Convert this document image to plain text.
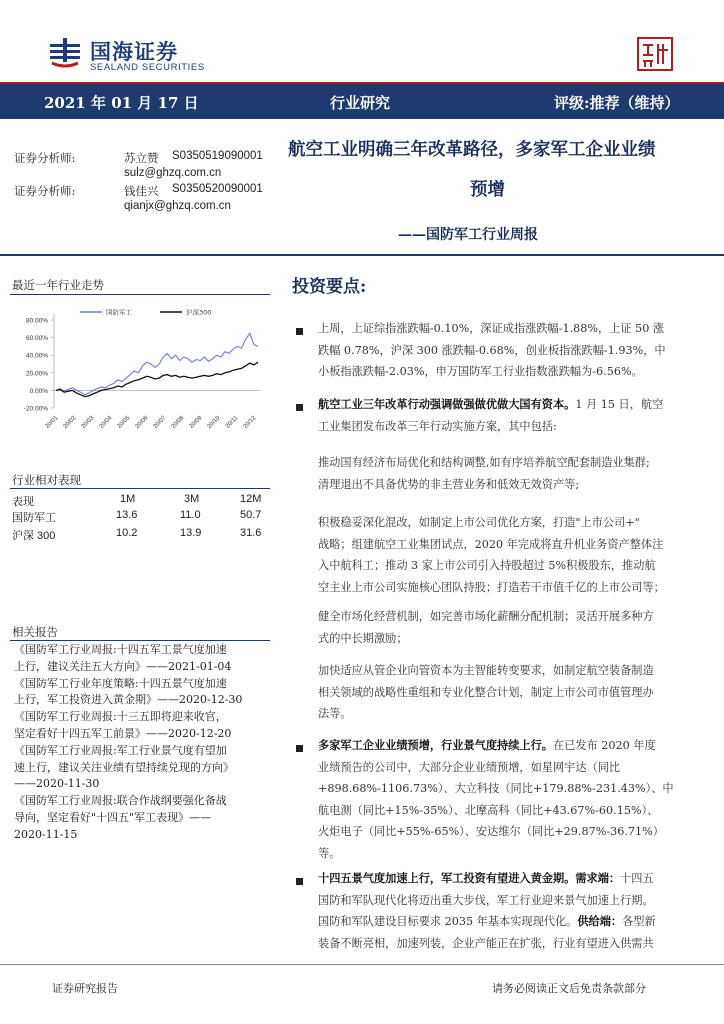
国海证券
SEALAND SECURITIES
2021 年 01 月 17 日	行业研究	评级:推荐（维持）
证券分析师:	苏立赞 S0350519090001
sulz@ghzq.com.cn
证券分析师:	钱佳兴 S0350520090001
qianjx@ghzq.com.cn
航空工业明确三年改革路径，多家军工企业业绩
预增
——国防军工行业周报
最近一年行业走势
80.00%
60.00%
40.00%
20.00%
0.00%
-20.00%
20/01 20/02 20/03 20/04 20/05 20/06 20/07 20/08 20/09 20/10 20/11 20/12
国防军工	沪深300
行业相对表现
表现	1M	3M	12M
国防军工	13.6	11.0	50.7
沪深 300	10.2	13.9	31.6
相关报告
《国防军工行业周报:十四五军工景气度加速
上行，建议关注五大方向》——2021-01-04
《国防军工行业年度策略:十四五景气度加速
上行，军工投资进入黄金期》——2020-12-30
《国防军工行业周报:十三五即将迎来收官，
坚定看好十四五军工前景》——2020-12-20
《国防军工行业周报:军工行业景气度有望加
速上行，建议关注业绩有望持续兑现的方向》
——2020-11-30
《国防军工行业周报:联合作战纲要强化备战
导向，坚定看好"十四五"军工表现》——
2020-11-15
投资要点:
上周，上证综指涨跌幅-0.10%，深证成指涨跌幅-1.88%，上证 50 涨
跌幅 0.78%，沪深 300 涨跌幅-0.68%，创业板指涨跌幅-1.93%，中
小板指涨跌幅-2.03%，申万国防军工行业指数涨跌幅为-6.56%。
航空工业三年改革行动强调做强做优做大国有资本。1 月 15 日，航空
工业集团发布改革三年行动实施方案，其中包括:
推动国有经济布局优化和结构调整,如有序培养航空配套制造业集群;
清理退出不具备优势的非主营业务和低效无效资产等;
积极稳妥深化混改，如制定上市公司优化方案，打造"上市公司+"
战略；组建航空工业集团试点，2020 年完成将直升机业务资产整体注
入中航科工；推动 3 家上市公司引入持股超过 5%积极股东，推动航
空主业上市公司实施核心团队持股；打造若干市值千亿的上市公司等；
健全市场化经营机制，如完善市场化薪酬分配机制；灵活开展多种方
式的中长期激励；
加快适应从管企业向管资本为主智能转变要求，如制定航空装备制造
相关领域的战略性重组和专业化整合计划，制定上市公司市值管理办
法等。
多家军工企业业绩预增，行业景气度持续上行。在已发布 2020 年度
业绩预告的公司中，大部分企业业绩预增，如星网宇达（同比
+898.68%-1106.73%）、大立科技（同比+179.88%-231.43%）、中
航电测（同比+15%-35%）、北摩高科（同比+43.67%-60.15%）、
火炬电子（同比+55%-65%）、安达维尔（同比+29.87%-36.71%）
等。
十四五景气度加速上行，军工投资有望进入黄金期。需求端：十四五
国防和军队现代化将迈出重大步伐，军工行业迎来景气加速上行期。
国防和军队建设目标要求 2035 年基本实现现代化。供给端：各型新
装备不断亮相，加速列装，企业产能正在扩张，行业有望进入供需共
证券研究报告	请务必阅读正文后免责条款部分
